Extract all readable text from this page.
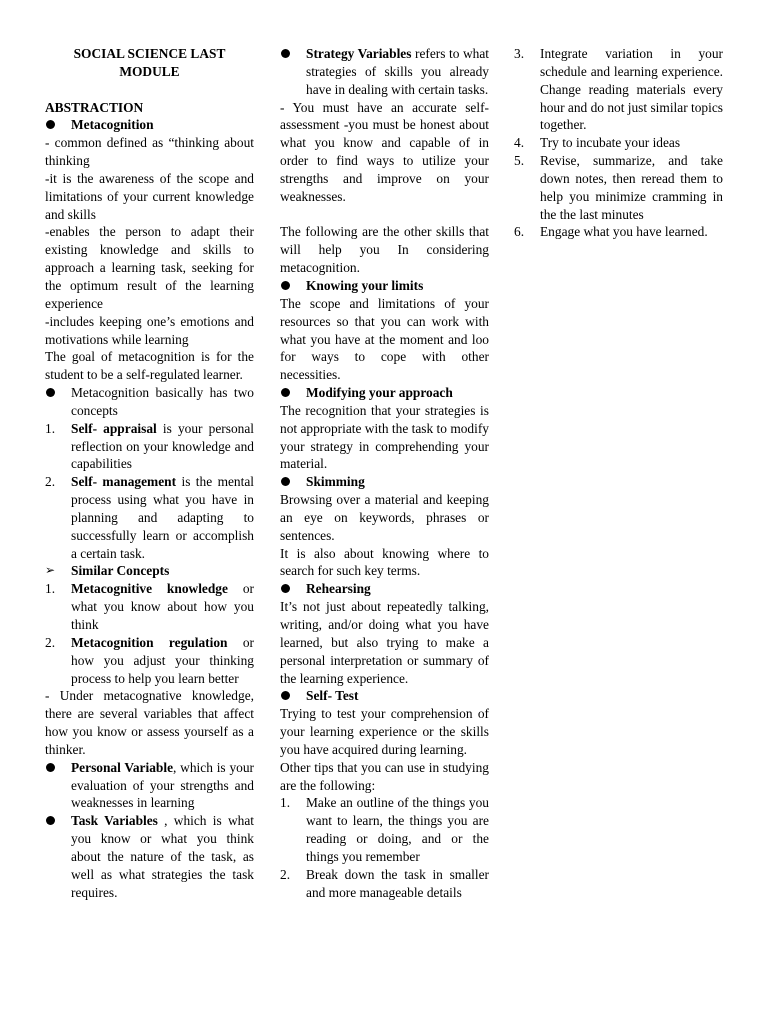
SOCIAL SCIENCE LAST MODULE

ABSTRACTION

Metacognition

- common defined as “thinking about thinking

-it is the awareness of the scope and limitations of your current knowledge and skills

-enables the person to adapt their existing knowledge and skills to approach a learning task, seeking for the optimum result of the learning experience

-includes keeping one’s emotions and motivations while learning

The goal of metacognition is for the student to be a self-regulated learner.

Metacognition basically has two concepts
1.	Self- appraisal is your personal reflection on your knowledge and capabilities
2.	Self- management is the mental process using what you have in planning and adapting to successfully learn or accomplish a certain task.
➢ Similar Concepts
1.	Metacognitive knowledge or what you know about how you think
2.	Metacognition regulation or how you adjust your thinking process to help you learn better

- Under metacognative knowledge, there are several variables that affect how you know or assess yourself as a thinker.

Personal Variable, which is your evaluation of your strengths and weaknesses in learning
Task Variables , which is what you know or what you think about the nature of the task, as well as what strategies the task requires.
Strategy Variables refers to what strategies of skills you already have in dealing with certain tasks.

- You must have an accurate self-assessment -you must be honest about what you know and capable of in order to find ways to utilize your strengths and improve on your weaknesses.

The following are the other skills that will help you In considering metacognition.

Knowing your limits

The scope and limitations of your resources so that you can work with what you have at the moment and loo for ways to cope with other necessities.

Modifying your approach

The recognition that your strategies is not appropriate with the task to modify your strategy in comprehending your material.

Skimming

Browsing over a material and keeping an eye on keywords, phrases or sentences.

It is also about knowing where to search for such key terms.

Rehearsing

It’s not just about repeatedly talking, writing, and/or doing what you have learned, but also trying to make a personal interpretation or summary of the learning experience.

Self- Test

Trying to test your comprehension of your learning experience or the skills you have acquired during learning.

Other tips that you can use in studying are the following:

1.	Make an outline of the things you want to learn, the things you are reading or doing, and or the things you remember
2.	Break down the task in smaller and more manageable details
3.	Integrate variation in your schedule and learning experience. Change reading materials every hour and do not just similar topics together.
4.	Try to incubate your ideas
5.	Revise, summarize, and take down notes, then reread them to help you minimize cramming in the the last minutes
6.	Engage what you have learned.
